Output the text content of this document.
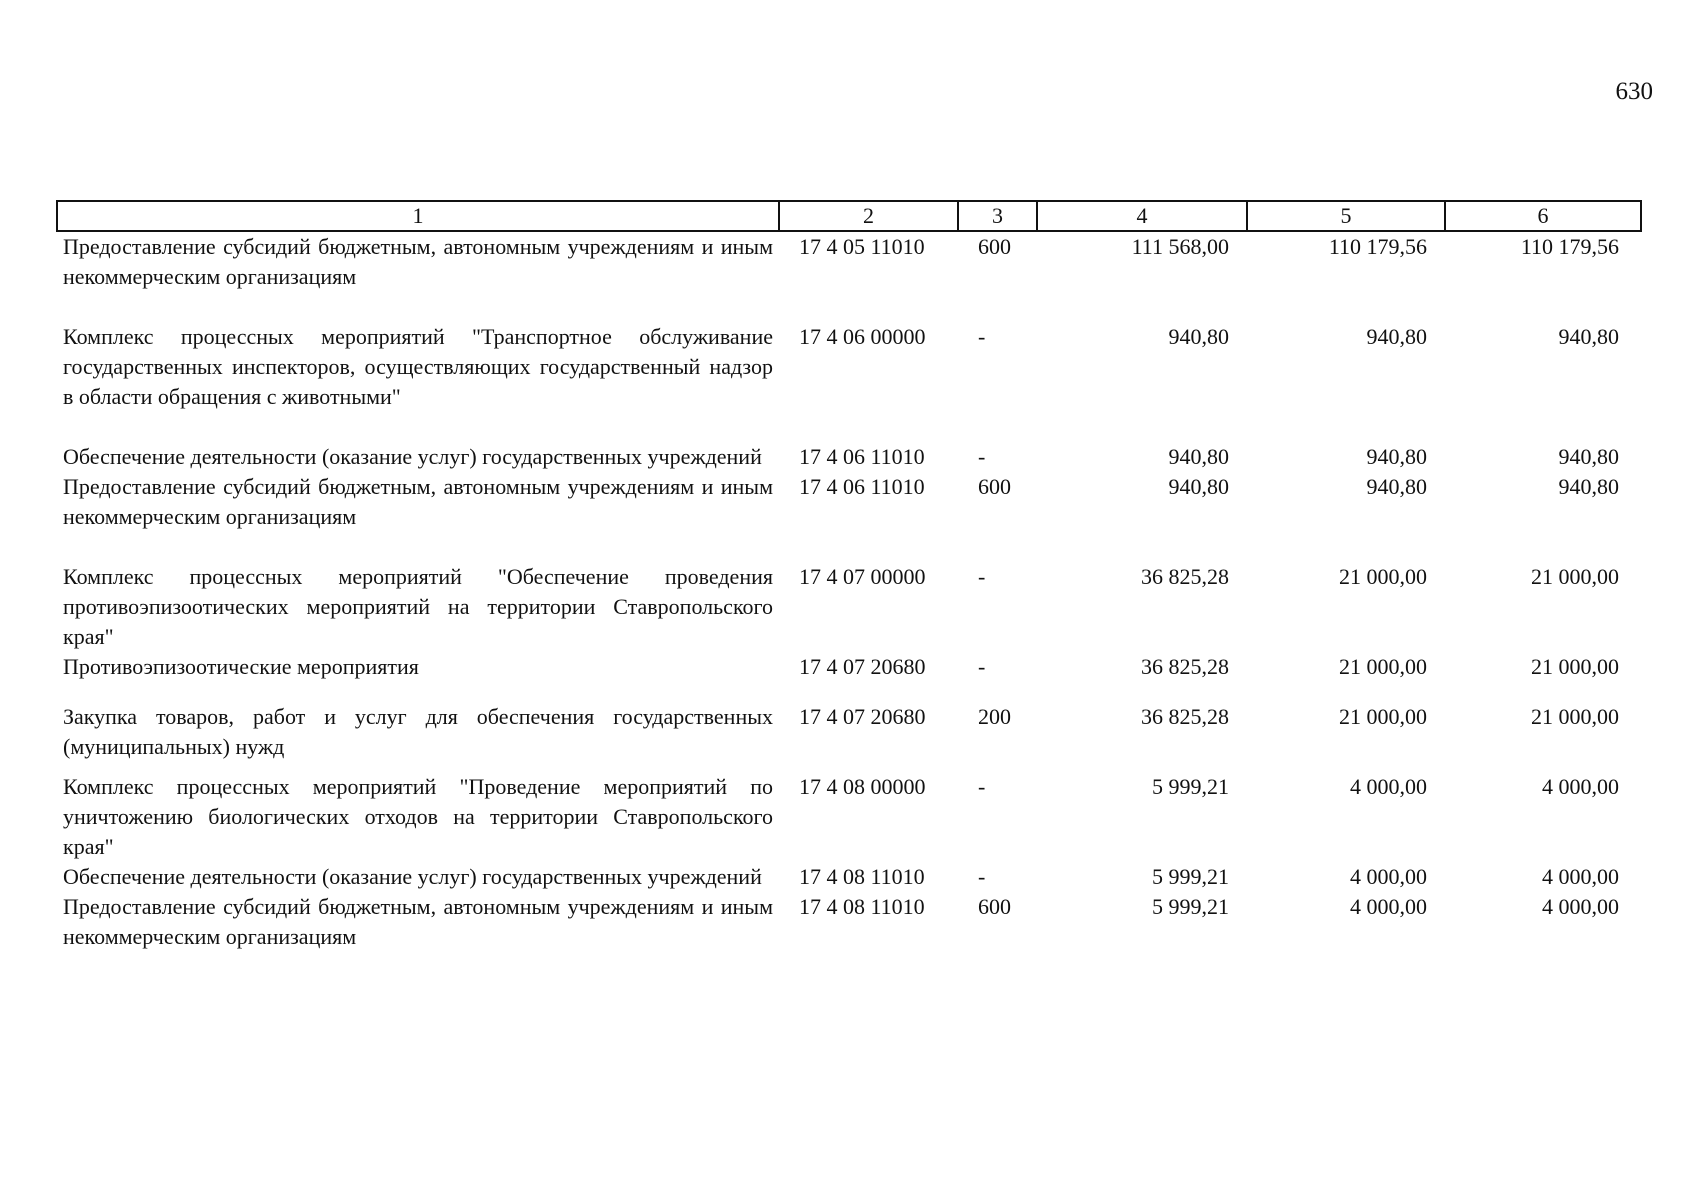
630
1	2	3	4	5	6
Предоставление субсидий бюджетным, автономным учреждениям и иным некоммерческим организациям	17 4 05 11010	600	111 568,00	110 179,56	110 179,56
Комплекс процессных мероприятий "Транспортное обслуживание государственных инспекторов, осуществляющих государственный надзор в области обращения с животными"	17 4 06 00000	-	940,80	940,80	940,80
Обеспечение деятельности (оказание услуг) государственных учреждений	17 4 06 11010	-	940,80	940,80	940,80
Предоставление субсидий бюджетным, автономным учреждениям и иным некоммерческим организациям	17 4 06 11010	600	940,80	940,80	940,80
Комплекс процессных мероприятий "Обеспечение проведения противоэпизоотических мероприятий на территории Ставропольского края"	17 4 07 00000	-	36 825,28	21 000,00	21 000,00
Противоэпизоотические мероприятия	17 4 07 20680	-	36 825,28	21 000,00	21 000,00
Закупка товаров, работ и услуг для обеспечения государственных (муниципальных) нужд	17 4 07 20680	200	36 825,28	21 000,00	21 000,00
Комплекс процессных мероприятий "Проведение мероприятий по уничтожению биологических отходов на территории Ставропольского края"	17 4 08 00000	-	5 999,21	4 000,00	4 000,00
Обеспечение деятельности (оказание услуг) государственных учреждений	17 4 08 11010	-	5 999,21	4 000,00	4 000,00
Предоставление субсидий бюджетным, автономным учреждениям и иным некоммерческим организациям	17 4 08 11010	600	5 999,21	4 000,00	4 000,00
